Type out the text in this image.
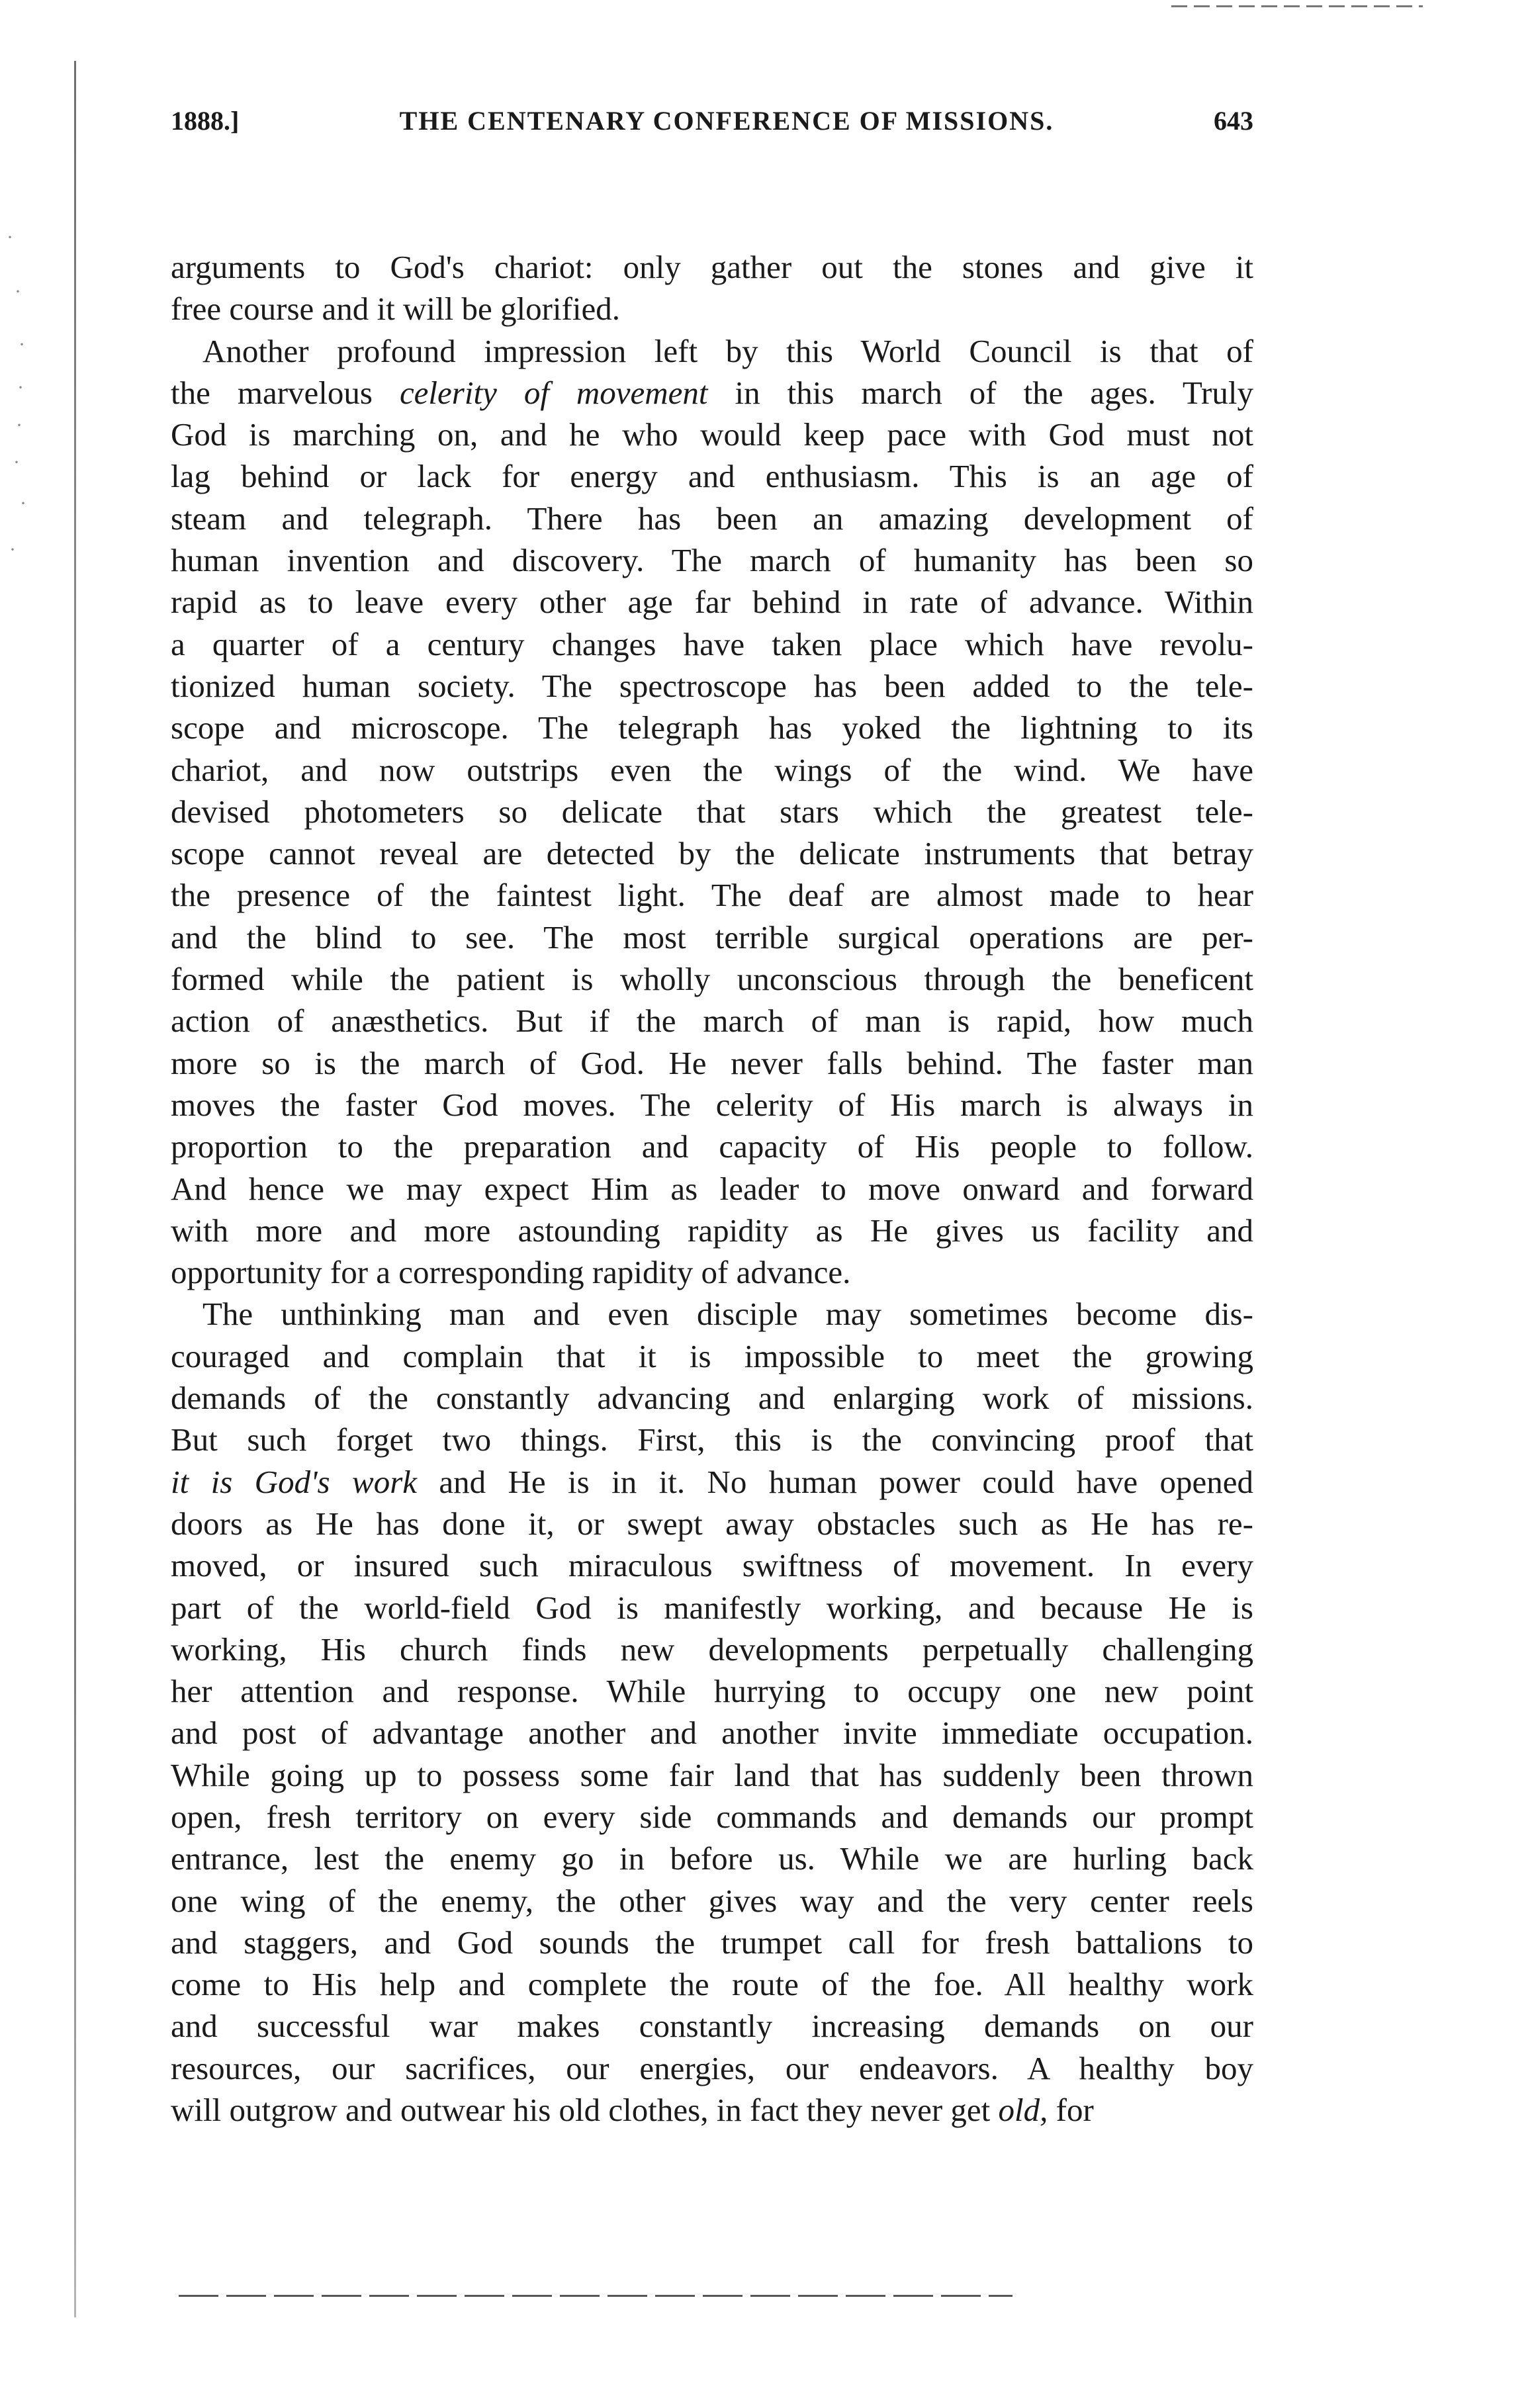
·
·
·
·
·
·
·
·
1888.]	THE CENTENARY CONFERENCE OF MISSIONS.	643

arguments to God's chariot: only gather out the stones and give it
free course and it will be glorified.

Another profound impression left by this World Council is that of
the marvelous celerity of movement in this march of the ages. Truly
God is marching on, and he who would keep pace with God must not
lag behind or lack for energy and enthusiasm. This is an age of
steam and telegraph. There has been an amazing development of
human invention and discovery. The march of humanity has been so
rapid as to leave every other age far behind in rate of advance. Within
a quarter of a century changes have taken place which have revolu-
tionized human society. The spectroscope has been added to the tele-
scope and microscope. The telegraph has yoked the lightning to its
chariot, and now outstrips even the wings of the wind. We have
devised photometers so delicate that stars which the greatest tele-
scope cannot reveal are detected by the delicate instruments that betray
the presence of the faintest light. The deaf are almost made to hear
and the blind to see. The most terrible surgical operations are per-
formed while the patient is wholly unconscious through the beneficent
action of anæsthetics. But if the march of man is rapid, how much
more so is the march of God. He never falls behind. The faster man
moves the faster God moves. The celerity of His march is always in
proportion to the preparation and capacity of His people to follow.
And hence we may expect Him as leader to move onward and forward
with more and more astounding rapidity as He gives us facility and
opportunity for a corresponding rapidity of advance.

The unthinking man and even disciple may sometimes become dis-
couraged and complain that it is impossible to meet the growing
demands of the constantly advancing and enlarging work of missions.
But such forget two things. First, this is the convincing proof that
it is God's work and He is in it. No human power could have opened
doors as He has done it, or swept away obstacles such as He has re-
moved, or insured such miraculous swiftness of movement. In every
part of the world-field God is manifestly working, and because He is
working, His church finds new developments perpetually challenging
her attention and response. While hurrying to occupy one new point
and post of advantage another and another invite immediate occupation.
While going up to possess some fair land that has suddenly been thrown
open, fresh territory on every side commands and demands our prompt
entrance, lest the enemy go in before us. While we are hurling back
one wing of the enemy, the other gives way and the very center reels
and staggers, and God sounds the trumpet call for fresh battalions to
come to His help and complete the route of the foe. All healthy work
and successful war makes constantly increasing demands on our
resources, our sacrifices, our energies, our endeavors. A healthy boy
will outgrow and outwear his old clothes, in fact they never get old, for
